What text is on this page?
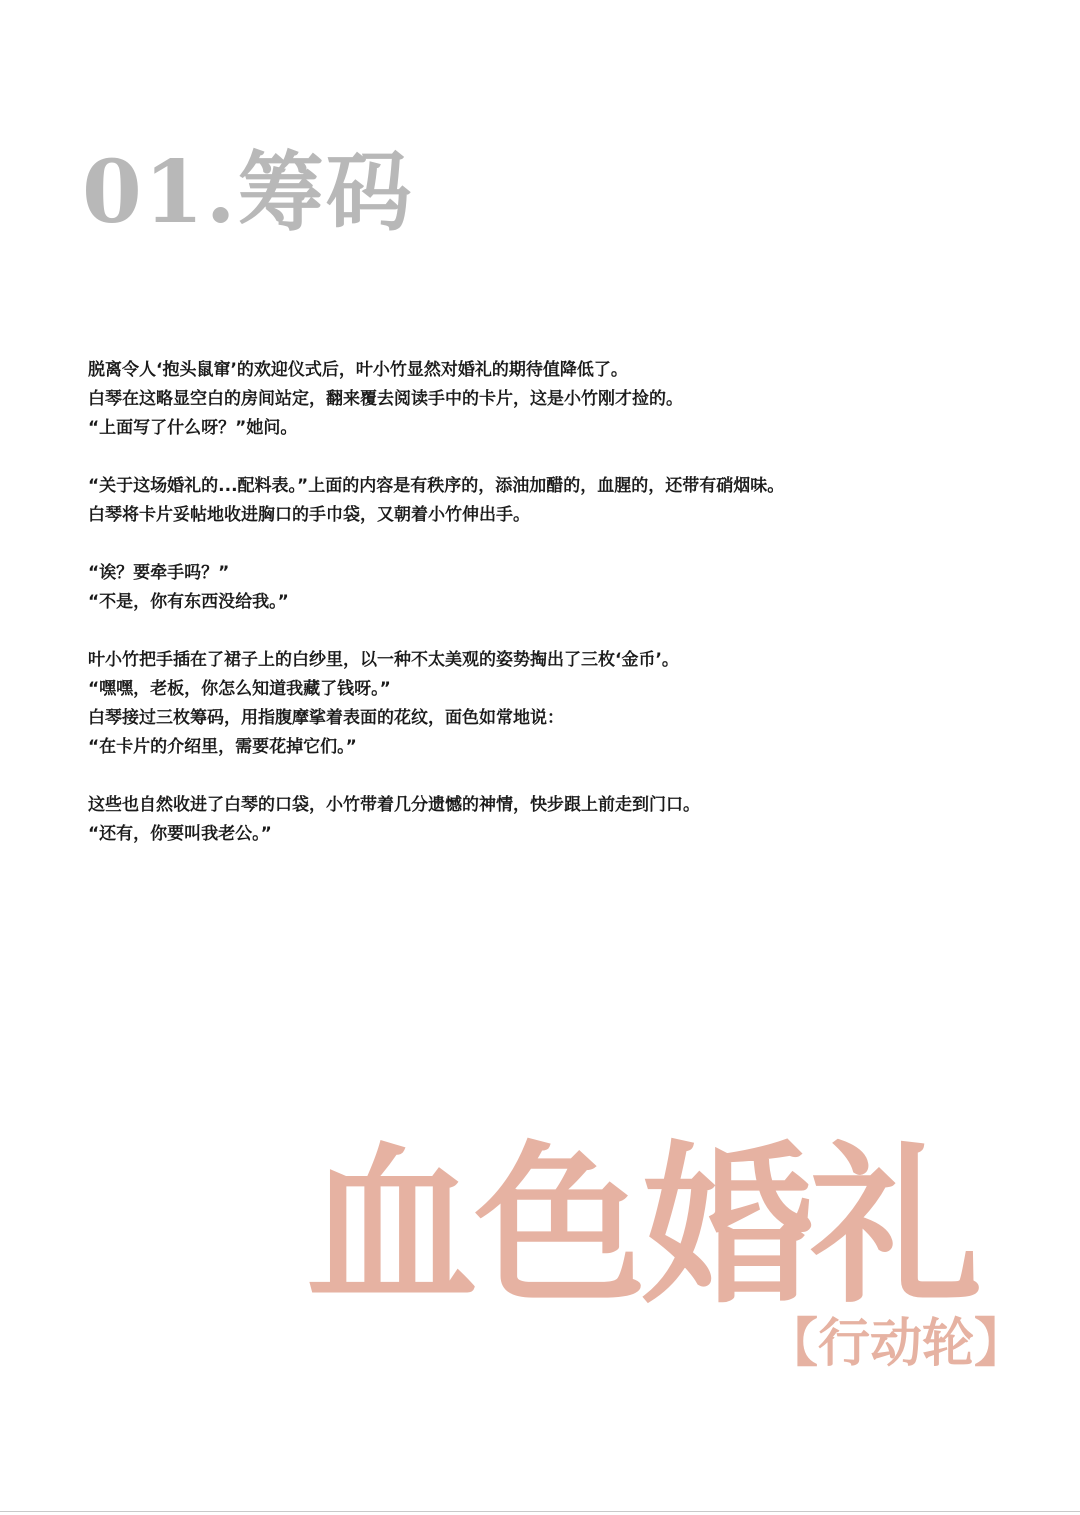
01.筹码
脱离令人‘抱头鼠窜’的欢迎仪式后，叶小竹显然对婚礼的期待值降低了。
白琴在这略显空白的房间站定，翻来覆去阅读手中的卡片，这是小竹刚才捡的。
“上面写了什么呀？”她问。
“关于这场婚礼的...配料表。”上面的内容是有秩序的，添油加醋的，血腥的，还带有硝烟味。
白琴将卡片妥帖地收进胸口的手巾袋，又朝着小竹伸出手。
“诶？要牵手吗？”
“不是，你有东西没给我。”
叶小竹把手插在了裙子上的白纱里，以一种不太美观的姿势掏出了三枚‘金币’。
“嘿嘿，老板，你怎么知道我藏了钱呀。”
白琴接过三枚筹码，用指腹摩挲着表面的花纹，面色如常地说：
“在卡片的介绍里，需要花掉它们。”
这些也自然收进了白琴的口袋，小竹带着几分遗憾的神情，快步跟上前走到门口。
“还有，你要叫我老公。”
血色婚礼
【行动轮】
